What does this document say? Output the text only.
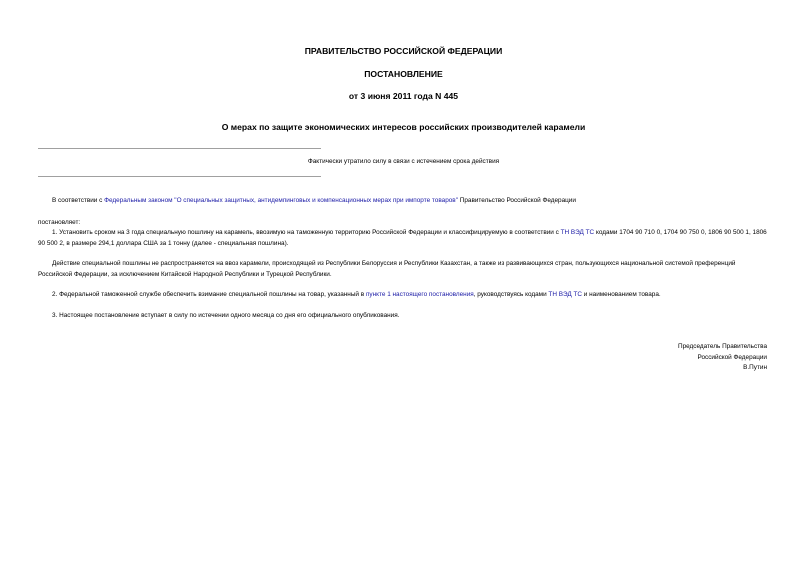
ПРАВИТЕЛЬСТВО РОССИЙСКОЙ ФЕДЕРАЦИИ
ПОСТАНОВЛЕНИЕ
от 3 июня 2011 года N 445
О мерах по защите экономических интересов российских производителей карамели
Фактически утратило силу в связи с истечением срока действия
В соответствии с Федеральным законом "О специальных защитных, антидемпинговых и компенсационных мерах при импорте товаров" Правительство Российской Федерации
постановляет:
1. Установить сроком на 3 года специальную пошлину на карамель, ввозимую на таможенную территорию Российской Федерации и классифицируемую в соответствии с ТН ВЭД ТС кодами 1704 90 710 0, 1704 90 750 0, 1806 90 500 1, 1806 90 500 2, в размере 294,1 доллара США за 1 тонну (далее - специальная пошлина).
Действие специальной пошлины не распространяется на ввоз карамели, происходящей из Республики Белоруссия и Республики Казахстан, а также из развивающихся стран, пользующихся национальной системой преференций Российской Федерации, за исключением Китайской Народной Республики и Турецкой Республики.
2. Федеральной таможенной службе обеспечить взимание специальной пошлины на товар, указанный в пункте 1 настоящего постановления, руководствуясь кодами ТН ВЭД ТС и наименованием товара.
3. Настоящее постановление вступает в силу по истечении одного месяца со дня его официального опубликования.
Председатель Правительства
Российской Федерации
В.Путин
